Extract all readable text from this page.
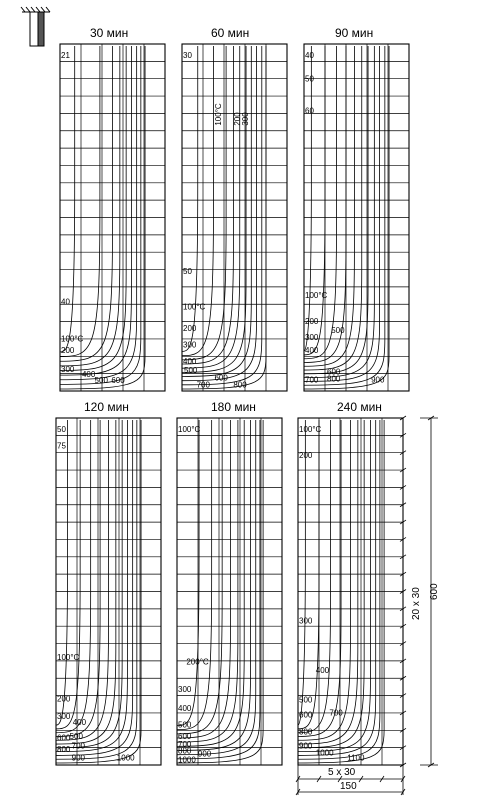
21
40
100°C
200
300
400
500 600
30
100°C 200 300
50
100°C
200
300
400
500
600
700	800
40
50
60
100°C
500
200
300
400
600
700 800	900
50
75
100°C
200
300
400
500
600
700
800
900	1000
100°C
200°C
300
400
500
600
700
800 900
1000
100°C
200
300
400
500
600 700
800
900
1000
1100
30 мин	60 мин	90 мин
120 мин	180 мин	240 мин
600
20 x 30
5 x 30
150
